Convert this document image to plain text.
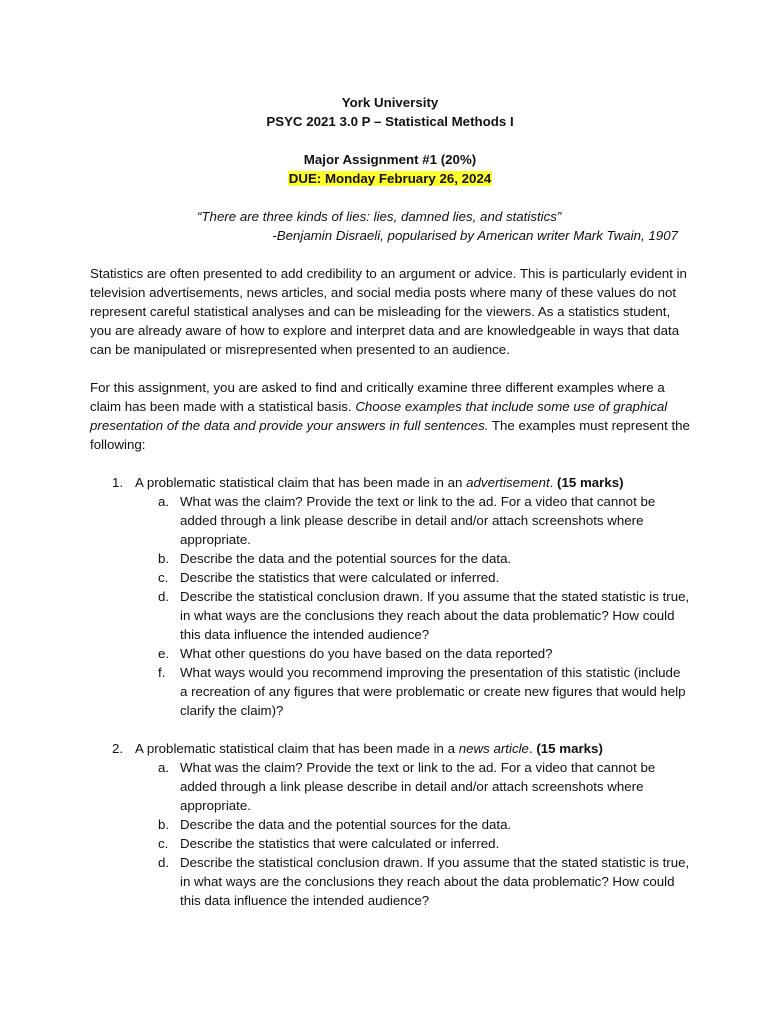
York University

PSYC 2021 3.0 P – Statistical Methods I

Major Assignment #1 (20%)

DUE: Monday February 26, 2024

“There are three kinds of lies: lies, damned lies, and statistics”

-Benjamin Disraeli, popularised by American writer Mark Twain, 1907

Statistics are often presented to add credibility to an argument or advice. This is particularly evident in television advertisements, news articles, and social media posts where many of these values do not represent careful statistical analyses and can be misleading for the viewers. As a statistics student, you are already aware of how to explore and interpret data and are knowledgeable in ways that data can be manipulated or misrepresented when presented to an audience.

For this assignment, you are asked to find and critically examine three different examples where a claim has been made with a statistical basis. Choose examples that include some use of graphical presentation of the data and provide your answers in full sentences. The examples must represent the following:

1. A problematic statistical claim that has been made in an advertisement. (15 marks)

a. What was the claim? Provide the text or link to the ad. For a video that cannot be added through a link please describe in detail and/or attach screenshots where appropriate.
b. Describe the data and the potential sources for the data.
c. Describe the statistics that were calculated or inferred.
d. Describe the statistical conclusion drawn. If you assume that the stated statistic is true, in what ways are the conclusions they reach about the data problematic? How could this data influence the intended audience?
e. What other questions do you have based on the data reported?
f. What ways would you recommend improving the presentation of this statistic (include a recreation of any figures that were problematic or create new figures that would help clarify the claim)?
2. A problematic statistical claim that has been made in a news article. (15 marks)

a. What was the claim? Provide the text or link to the ad. For a video that cannot be added through a link please describe in detail and/or attach screenshots where appropriate.
b. Describe the data and the potential sources for the data.
c. Describe the statistics that were calculated or inferred.
d. Describe the statistical conclusion drawn. If you assume that the stated statistic is true, in what ways are the conclusions they reach about the data problematic? How could this data influence the intended audience?
